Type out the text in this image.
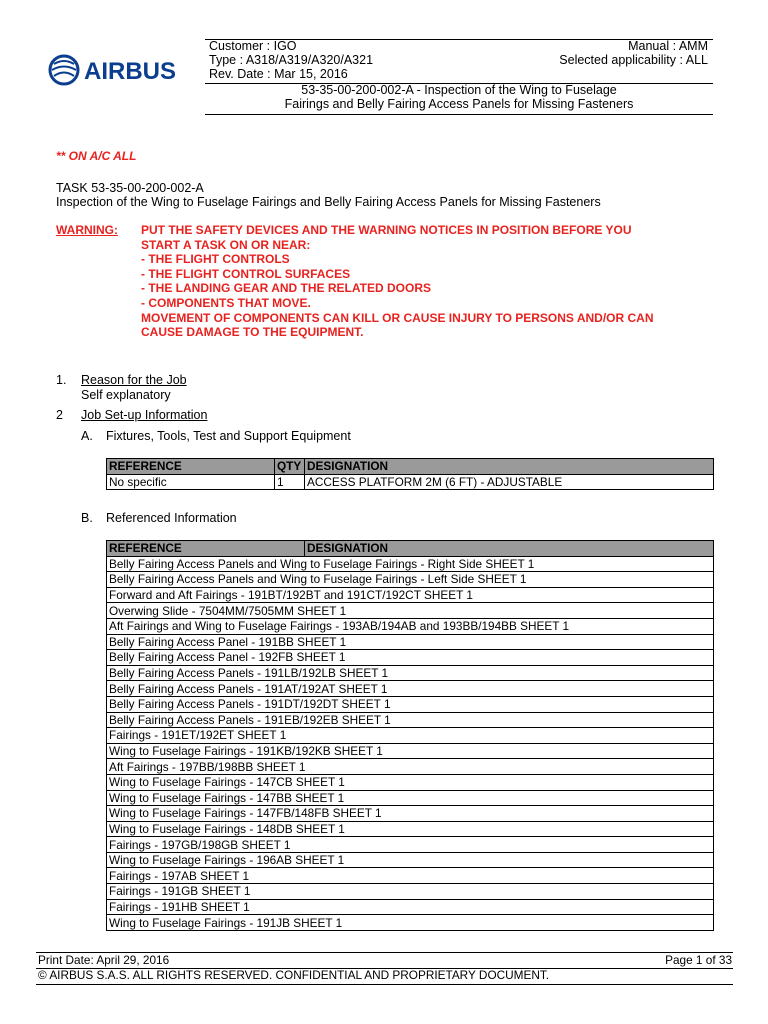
AIRBUS
Customer : IGO	Manual : AMM
Type : A318/A319/A320/A321	Selected applicability : ALL
Rev. Date : Mar 15, 2016
53-35-00-200-002-A - Inspection of the Wing to Fuselage
Fairings and Belly Fairing Access Panels for Missing Fasteners
** ON A/C ALL
TASK 53-35-00-200-002-A
Inspection of the Wing to Fuselage Fairings and Belly Fairing Access Panels for Missing Fasteners
WARNING: PUT THE SAFETY DEVICES AND THE WARNING NOTICES IN POSITION BEFORE YOU
START A TASK ON OR NEAR:
- THE FLIGHT CONTROLS
- THE FLIGHT CONTROL SURFACES
- THE LANDING GEAR AND THE RELATED DOORS
- COMPONENTS THAT MOVE.
MOVEMENT OF COMPONENTS CAN KILL OR CAUSE INJURY TO PERSONS AND/OR CAN
CAUSE DAMAGE TO THE EQUIPMENT.
1. Reason for the Job
Self explanatory
2 Job Set-up Information
A. Fixtures, Tools, Test and Support Equipment
REFERENCE	QTY	DESIGNATION
No specific	1	ACCESS PLATFORM 2M (6 FT) - ADJUSTABLE
B. Referenced Information
REFERENCE	DESIGNATION
Belly Fairing Access Panels and Wing to Fuselage Fairings - Right Side SHEET 1
Belly Fairing Access Panels and Wing to Fuselage Fairings - Left Side SHEET 1
Forward and Aft Fairings - 191BT/192BT and 191CT/192CT SHEET 1
Overwing Slide - 7504MM/7505MM SHEET 1
Aft Fairings and Wing to Fuselage Fairings - 193AB/194AB and 193BB/194BB SHEET 1
Belly Fairing Access Panel - 191BB SHEET 1
Belly Fairing Access Panel - 192FB SHEET 1
Belly Fairing Access Panels - 191LB/192LB SHEET 1
Belly Fairing Access Panels - 191AT/192AT SHEET 1
Belly Fairing Access Panels - 191DT/192DT SHEET 1
Belly Fairing Access Panels - 191EB/192EB SHEET 1
Fairings - 191ET/192ET SHEET 1
Wing to Fuselage Fairings - 191KB/192KB SHEET 1
Aft Fairings - 197BB/198BB SHEET 1
Wing to Fuselage Fairings - 147CB SHEET 1
Wing to Fuselage Fairings - 147BB SHEET 1
Wing to Fuselage Fairings - 147FB/148FB SHEET 1
Wing to Fuselage Fairings - 148DB SHEET 1
Fairings - 197GB/198GB SHEET 1
Wing to Fuselage Fairings - 196AB SHEET 1
Fairings - 197AB SHEET 1
Fairings - 191GB SHEET 1
Fairings - 191HB SHEET 1
Wing to Fuselage Fairings - 191JB SHEET 1
Print Date: April 29, 2016	Page 1 of 33
© AIRBUS S.A.S. ALL RIGHTS RESERVED. CONFIDENTIAL AND PROPRIETARY DOCUMENT.
